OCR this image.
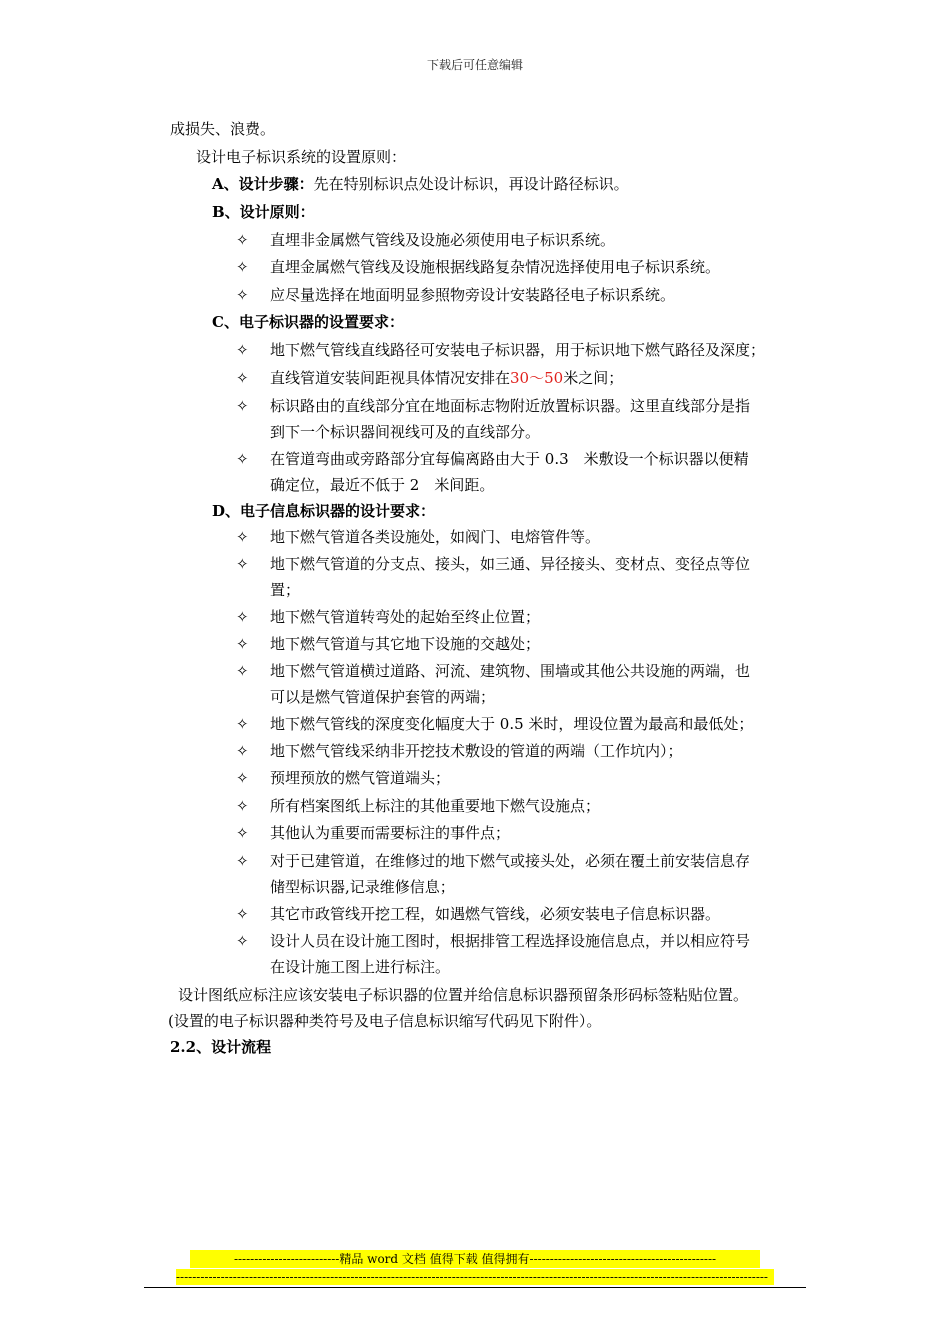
下载后可任意编辑
成损失、浪费。
设计电子标识系统的设置原则：
A、设计步骤：先在特别标识点处设计标识，再设计路径标识。
B、设计原则：
✧	直埋非金属燃气管线及设施必须使用电子标识系统。
✧	直埋金属燃气管线及设施根据线路复杂情况选择使用电子标识系统。
✧	应尽量选择在地面明显参照物旁设计安装路径电子标识系统。
C、电子标识器的设置要求：
✧	地下燃气管线直线路径可安装电子标识器，用于标识地下燃气路径及深度；
✧	直线管道安装间距视具体情况安排在30～50米之间；
✧	标识路由的直线部分宜在地面标志物附近放置标识器。这里直线部分是指
到下一个标识器间视线可及的直线部分。
✧	在管道弯曲或旁路部分宜每偏离路由大于 0.3　米敷设一个标识器以便精
确定位，最近不低于 2　米间距。
D、电子信息标识器的设计要求：
✧	地下燃气管道各类设施处，如阀门、电熔管件等。
✧	地下燃气管道的分支点、接头，如三通、异径接头、变材点、变径点等位
置；
✧	地下燃气管道转弯处的起始至终止位置；
✧	地下燃气管道与其它地下设施的交越处；
✧	地下燃气管道横过道路、河流、建筑物、围墙或其他公共设施的两端，也
可以是燃气管道保护套管的两端；
✧	地下燃气管线的深度变化幅度大于 0.5 米时，埋设位置为最高和最低处；
✧	地下燃气管线采纳非开挖技术敷设的管道的两端（工作坑内）；
✧	预埋预放的燃气管道端头；
✧	所有档案图纸上标注的其他重要地下燃气设施点；
✧	其他认为重要而需要标注的事件点；
✧	对于已建管道，在维修过的地下燃气或接头处，必须在覆土前安装信息存
储型标识器,记录维修信息；
✧	其它市政管线开挖工程，如遇燃气管线，必须安装电子信息标识器。
✧	设计人员在设计施工图时，根据排管工程选择设施信息点，并以相应符号
在设计施工图上进行标注。
设计图纸应标注应该安装电子标识器的位置并给信息标识器预留条形码标签粘贴位置。
(设置的电子标识器种类符号及电子信息标识缩写代码见下附件）。
2.2、设计流程
--------------------------精品 word 文档 值得下载 值得拥有----------------------------------------------
--------------------------------------------------------------------------------------------------------------------------------------------------
